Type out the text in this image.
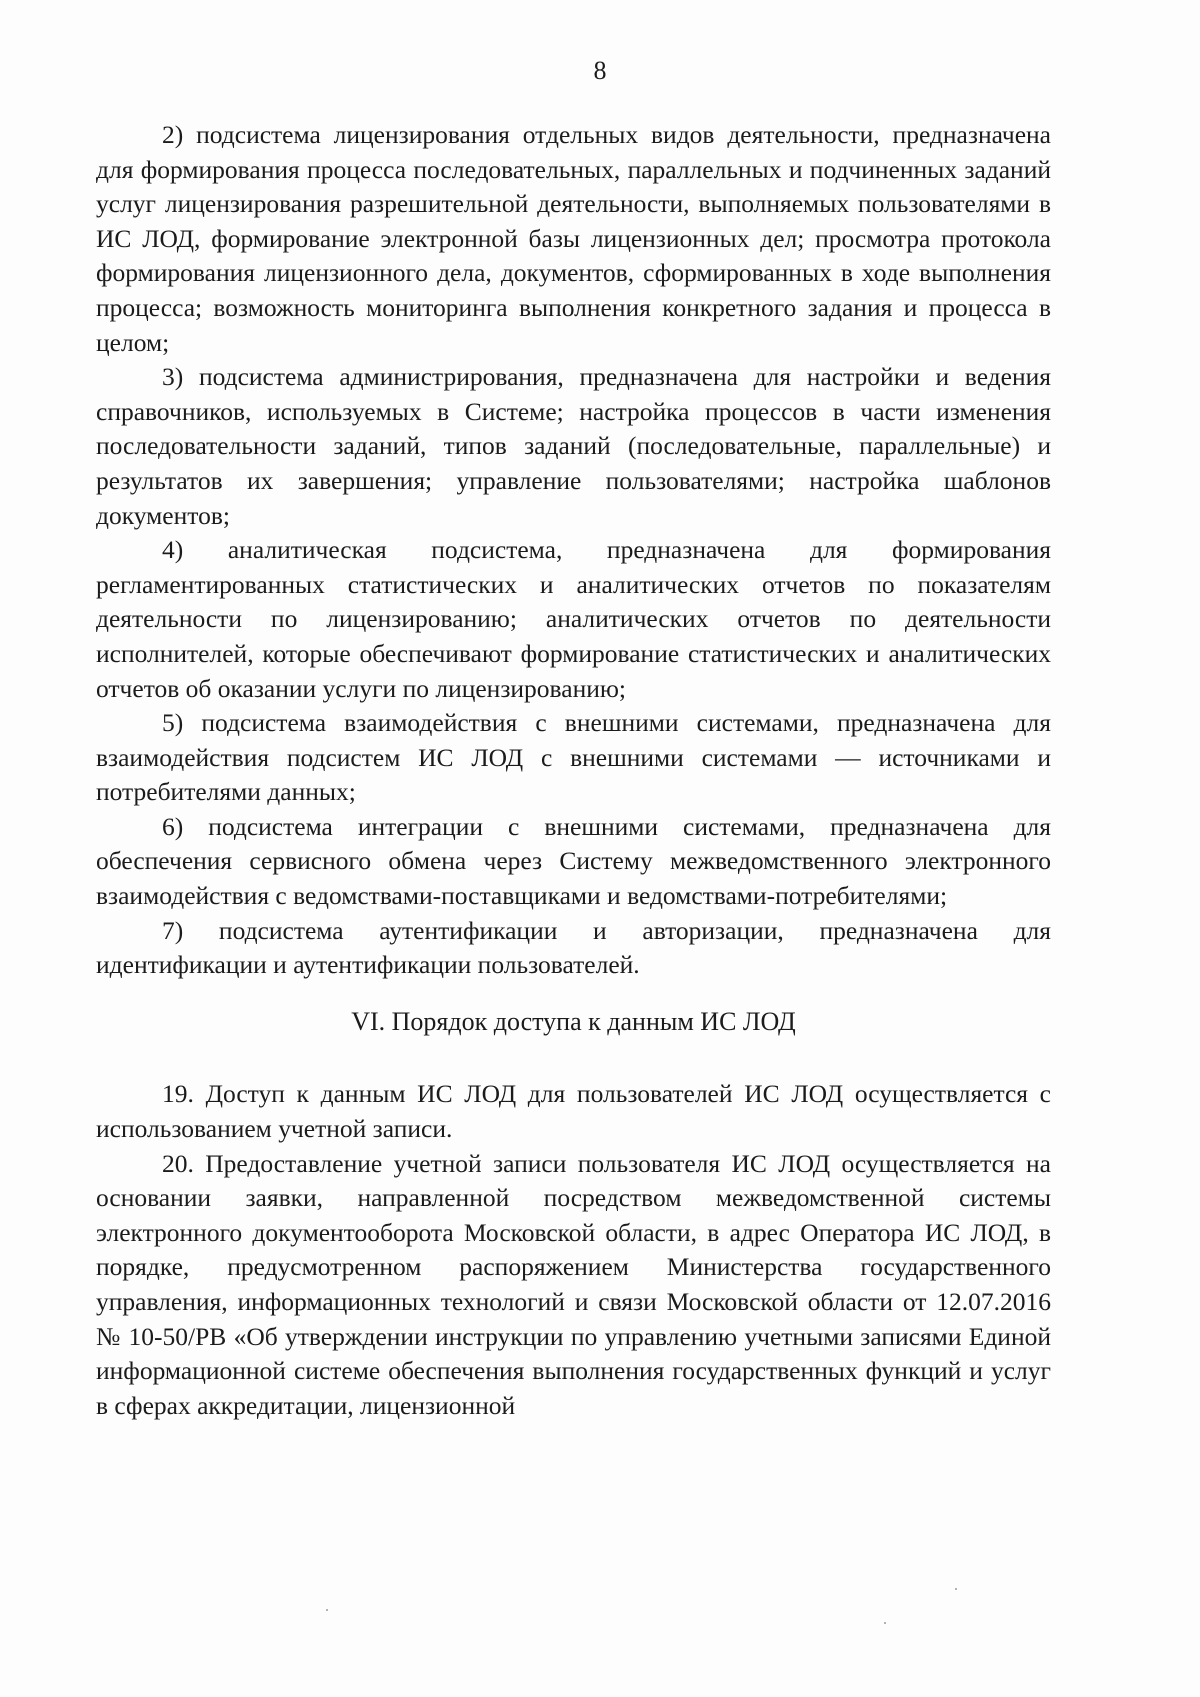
8

2) подсистема лицензирования отдельных видов деятельности, предназначена для формирования процесса последовательных, параллельных и подчиненных заданий услуг лицензирования разрешительной деятельности, выполняемых пользователями в ИС ЛОД, формирование электронной базы лицензионных дел; просмотра протокола формирования лицензионного дела, документов, сформированных в ходе выполнения процесса; возможность мониторинга выполнения конкретного задания и процесса в целом;

3) подсистема администрирования, предназначена для настройки и ведения справочников, используемых в Системе; настройка процессов в части изменения последовательности заданий, типов заданий (последовательные, параллельные) и результатов их завершения; управление пользователями; настройка шаблонов документов;

4) аналитическая подсистема, предназначена для формирования регламентированных статистических и аналитических отчетов по показателям деятельности по лицензированию; аналитических отчетов по деятельности исполнителей, которые обеспечивают формирование статистических и аналитических отчетов об оказании услуги по лицензированию;

5) подсистема взаимодействия с внешними системами, предназначена для взаимодействия подсистем ИС ЛОД с внешними системами — источниками и потребителями данных;

6) подсистема интеграции с внешними системами, предназначена для обеспечения сервисного обмена через Систему межведомственного электронного взаимодействия с ведомствами-поставщиками и ведомствами-потребителями;

7) подсистема аутентификации и авторизации, предназначена для идентификации и аутентификации пользователей.

VI. Порядок доступа к данным ИС ЛОД

19. Доступ к данным ИС ЛОД для пользователей ИС ЛОД осуществляется с использованием учетной записи.

20. Предоставление учетной записи пользователя ИС ЛОД осуществляется на основании заявки, направленной посредством межведомственной системы электронного документооборота Московской области, в адрес Оператора ИС ЛОД, в порядке, предусмотренном распоряжением Министерства государственного управления, информационных технологий и связи Московской области от 12.07.2016 № 10-50/РВ «Об утверждении инструкции по управлению учетными записями Единой информационной системе обеспечения выполнения государственных функций и услуг в сферах аккредитации, лицензионной
